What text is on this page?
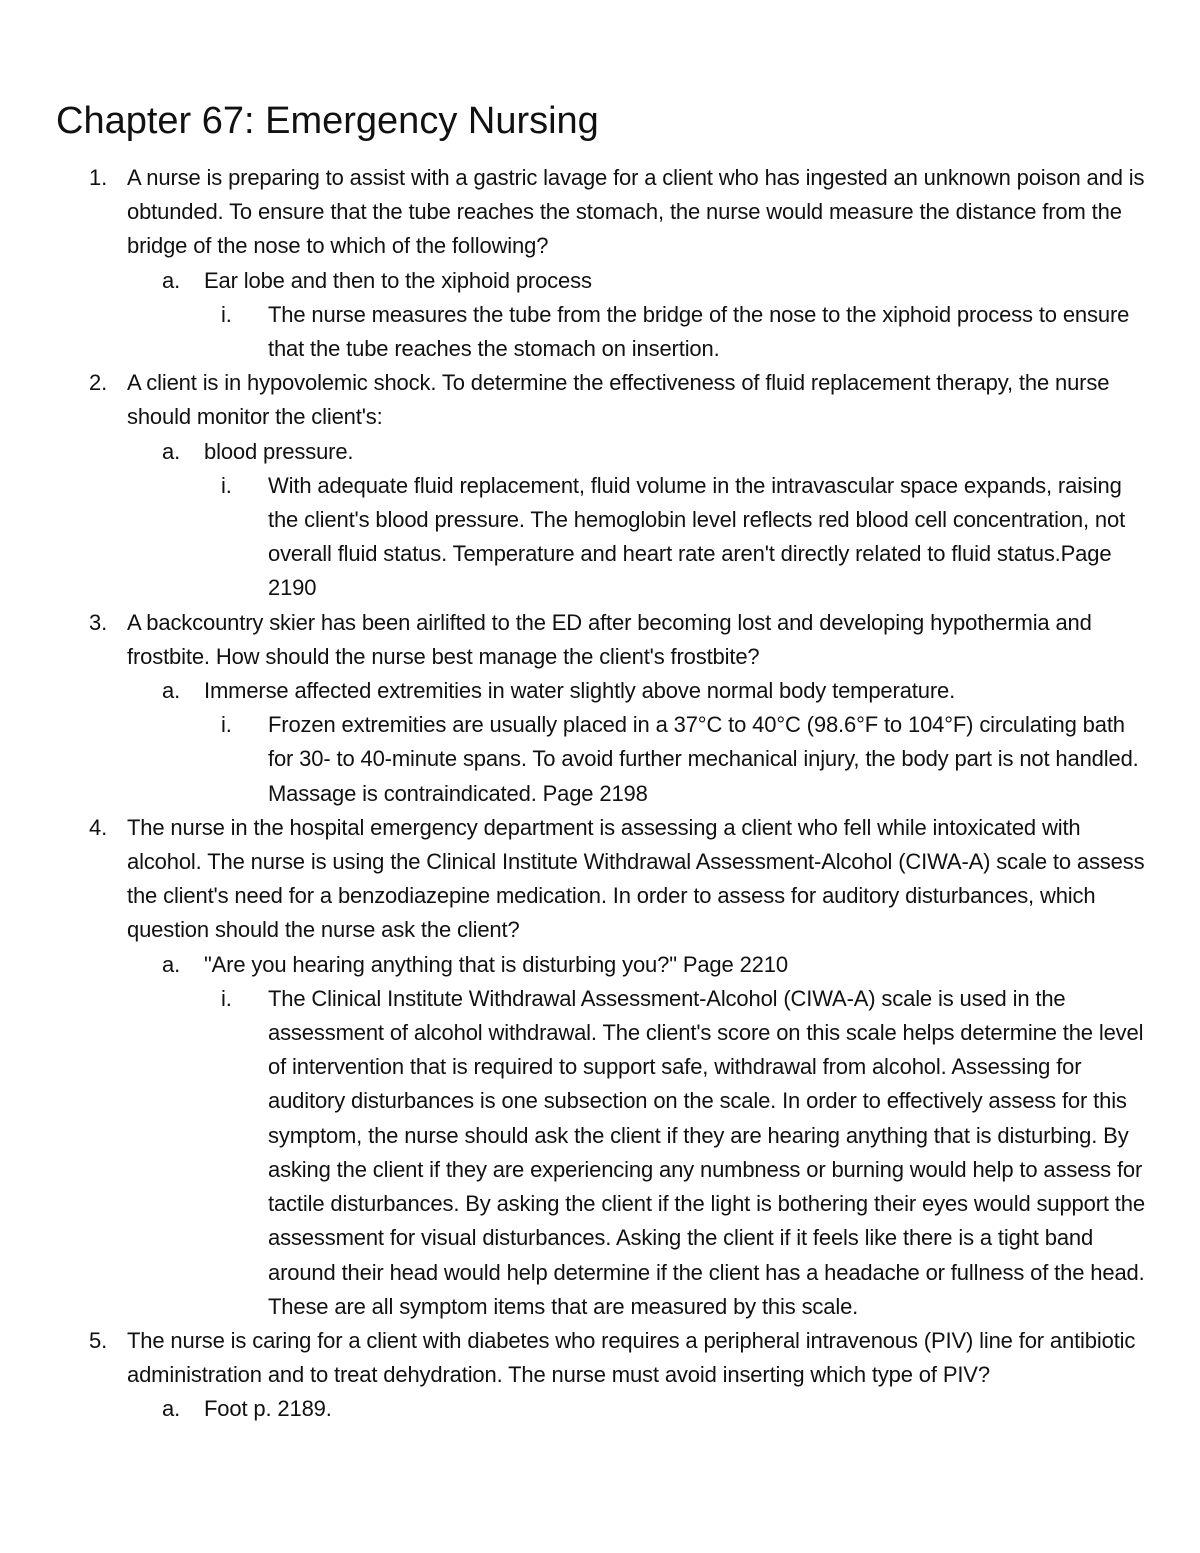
Chapter 67: Emergency Nursing
1. A nurse is preparing to assist with a gastric lavage for a client who has ingested an unknown poison and is obtunded. To ensure that the tube reaches the stomach, the nurse would measure the distance from the bridge of the nose to which of the following?
a. Ear lobe and then to the xiphoid process
i. The nurse measures the tube from the bridge of the nose to the xiphoid process to ensure that the tube reaches the stomach on insertion.
2. A client is in hypovolemic shock. To determine the effectiveness of fluid replacement therapy, the nurse should monitor the client's:
a. blood pressure.
i. With adequate fluid replacement, fluid volume in the intravascular space expands, raising the client's blood pressure. The hemoglobin level reflects red blood cell concentration, not overall fluid status. Temperature and heart rate aren't directly related to fluid status.Page 2190
3. A backcountry skier has been airlifted to the ED after becoming lost and developing hypothermia and frostbite. How should the nurse best manage the client's frostbite?
a. Immerse affected extremities in water slightly above normal body temperature.
i. Frozen extremities are usually placed in a 37°C to 40°C (98.6°F to 104°F) circulating bath for 30- to 40-minute spans. To avoid further mechanical injury, the body part is not handled. Massage is contraindicated. Page 2198
4. The nurse in the hospital emergency department is assessing a client who fell while intoxicated with alcohol. The nurse is using the Clinical Institute Withdrawal Assessment-Alcohol (CIWA-A) scale to assess the client's need for a benzodiazepine medication. In order to assess for auditory disturbances, which question should the nurse ask the client?
a. "Are you hearing anything that is disturbing you?" Page 2210
i. The Clinical Institute Withdrawal Assessment-Alcohol (CIWA-A) scale is used in the assessment of alcohol withdrawal. The client's score on this scale helps determine the level of intervention that is required to support safe, withdrawal from alcohol. Assessing for auditory disturbances is one subsection on the scale. In order to effectively assess for this symptom, the nurse should ask the client if they are hearing anything that is disturbing. By asking the client if they are experiencing any numbness or burning would help to assess for tactile disturbances. By asking the client if the light is bothering their eyes would support the assessment for visual disturbances. Asking the client if it feels like there is a tight band around their head would help determine if the client has a headache or fullness of the head. These are all symptom items that are measured by this scale.
5. The nurse is caring for a client with diabetes who requires a peripheral intravenous (PIV) line for antibiotic administration and to treat dehydration. The nurse must avoid inserting which type of PIV?
a. Foot p. 2189.
